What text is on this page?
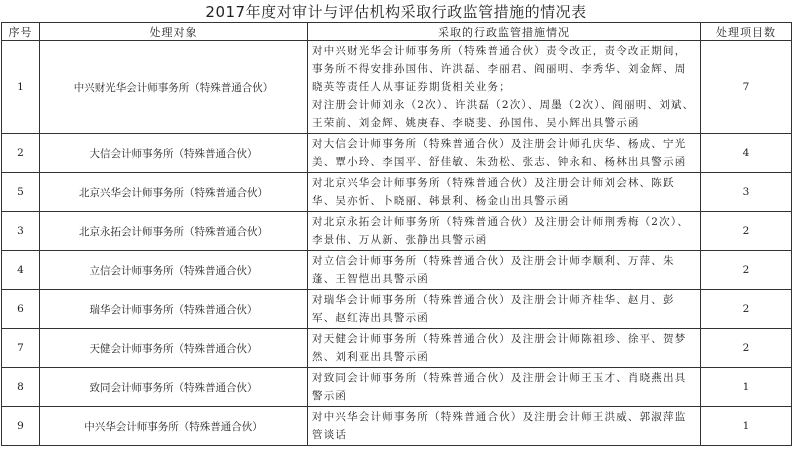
2017年度对审计与评估机构采取行政监管措施的情况表
序号	处理对象	采取的行政监管措施情况	处理项目数
1	中兴财光华会计师事务所（特殊普通合伙）	对中兴财光华会计师事务所（特殊普通合伙）责令改正，责令改正期间，事务所不得安排孙国伟、许洪磊、李丽君、阎丽明、李秀华、刘金辉、周晓英等责任人从事证券期货相关业务；
对注册会计师刘永（2次）、许洪磊（2次）、周墨（2次）、阎丽明、刘斌、王荣前、刘金辉、姚庚春、李晓斐、孙国伟、吴小辉出具警示函	7
2	大信会计师事务所（特殊普通合伙）	对大信会计师事务所（特殊普通合伙）及注册会计师孔庆华、杨成、宁光美、覃小玲、李国平、舒佳敏、朱劲松、张志、钟永和、杨林出具警示函	4
5	北京兴华会计师事务所（特殊普通合伙）	对北京兴华会计师事务所（特殊普通合伙）及注册会计师刘会林、陈跃华、吴亦忻、卜晓丽、韩景利、杨金山出具警示函	3
3	北京永拓会计师事务所（特殊普通合伙）	对北京永拓会计师事务所（特殊普通合伙）及注册会计师荆秀梅（2次）、李景伟、万从新、张静出具警示函	2
4	立信会计师事务所（特殊普通合伙）	对立信会计师事务所（特殊普通合伙）及注册会计师李顺利、万萍、朱蓬、王智恺出具警示函	2
6	瑞华会计师事务所（特殊普通合伙）	对瑞华会计师事务所（特殊普通合伙）及注册会计师齐桂华、赵月、彭军、赵红涛出具警示函	2
7	天健会计师事务所（特殊普通合伙）	对天健会计师事务所（特殊普通合伙）及注册会计师陈祖珍、徐平、贺梦然、刘利亚出具警示函	2
8	致同会计师事务所（特殊普通合伙）	对致同会计师事务所（特殊普通合伙）及注册会计师王玉才、肖晓燕出具警示函	1
9	中兴华会计师事务所（特殊普通合伙）	对中兴华会计师事务所（特殊普通合伙）及注册会计师王洪威、郭淑萍监管谈话	1
